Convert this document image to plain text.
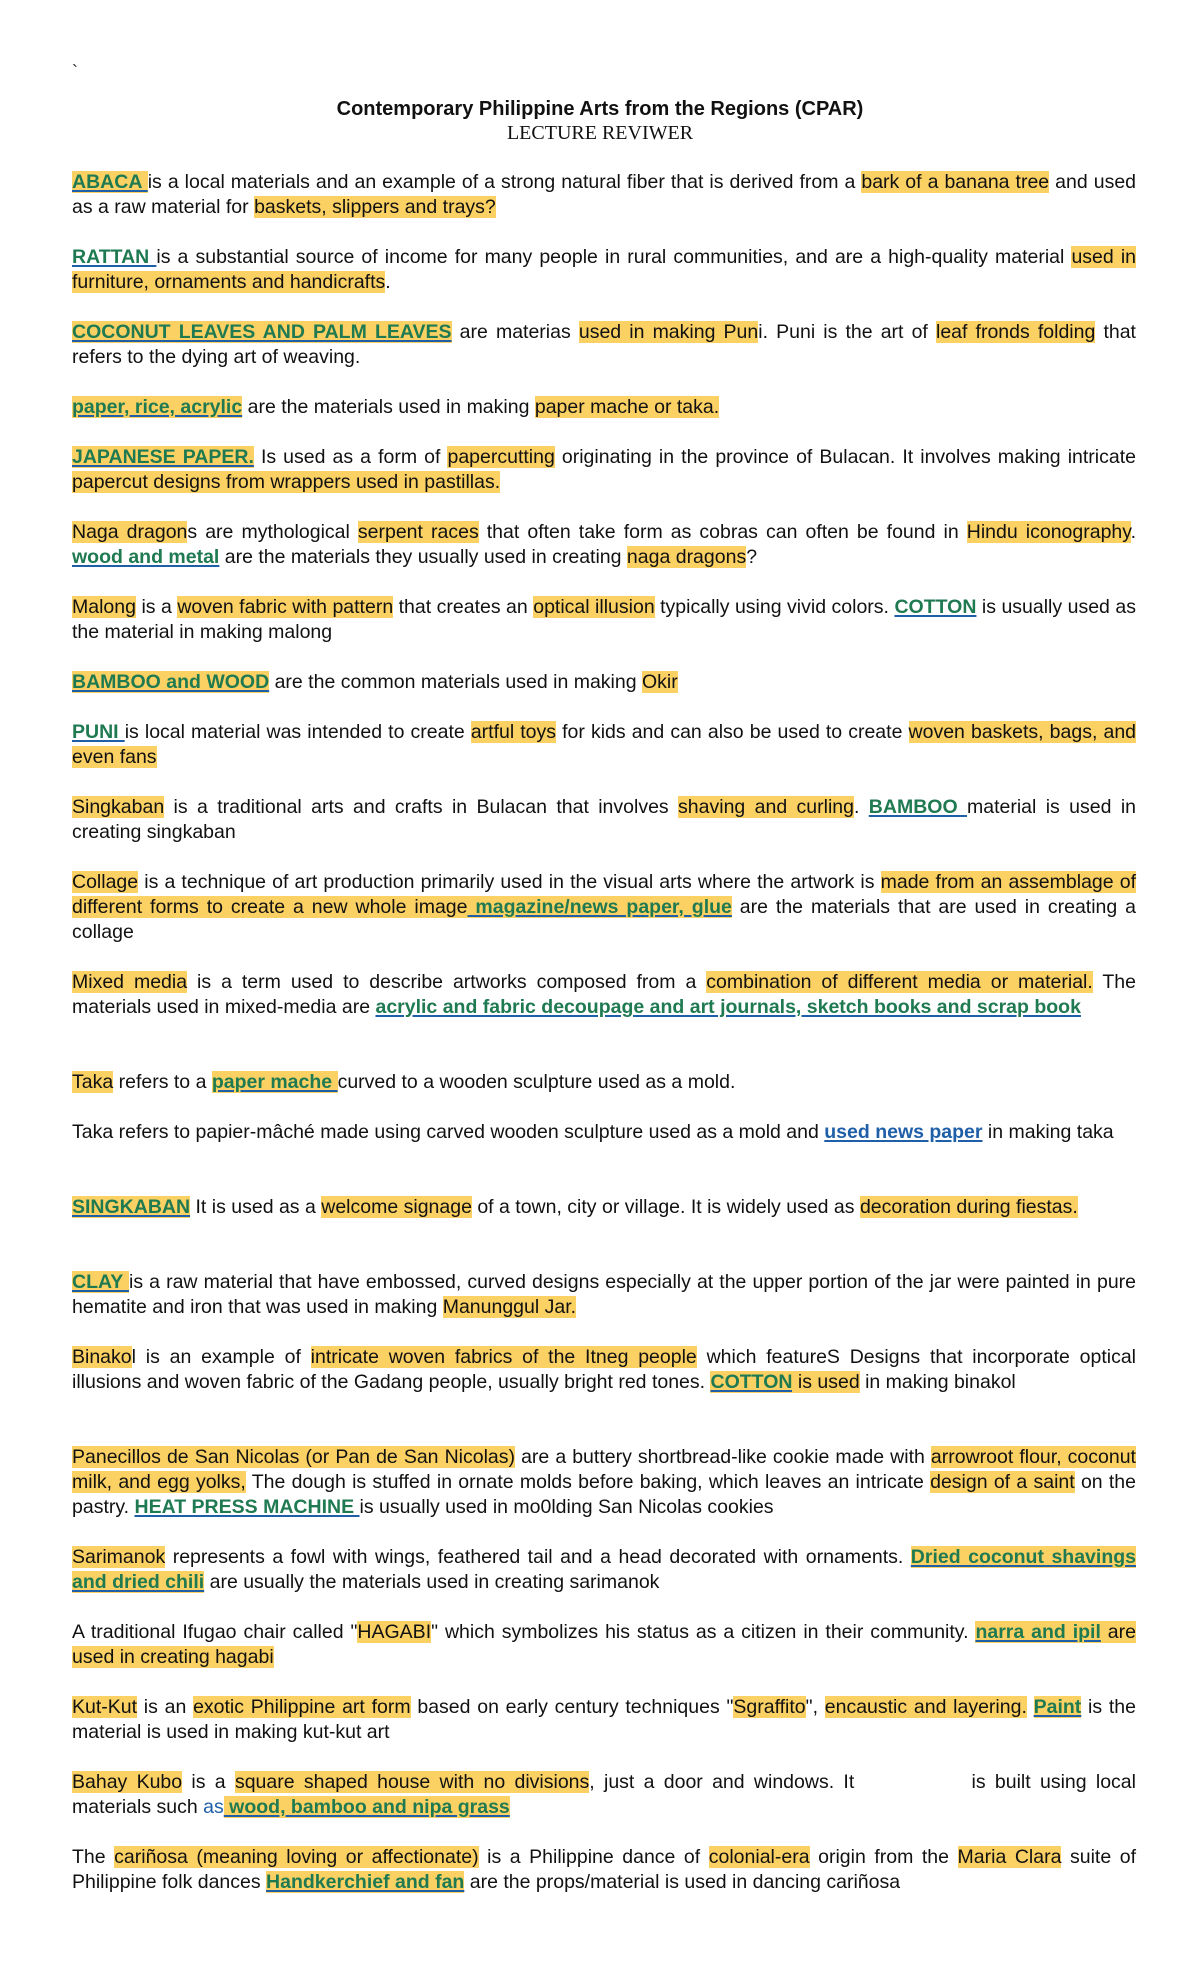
`
Contemporary Philippine Arts from the Regions (CPAR)
LECTURE REVIWER
ABACA is a local materials and an example of a strong natural fiber that is derived from a bark of a banana tree and used as a raw material for baskets, slippers and trays?
RATTAN is a substantial source of income for many people in rural communities, and are a high-quality material used in furniture, ornaments and handicrafts.
COCONUT LEAVES AND PALM LEAVES are materias used in making Puni. Puni is the art of leaf fronds folding that refers to the dying art of weaving.
paper, rice, acrylic are the materials used in making paper mache or taka.
JAPANESE PAPER. Is used as a form of papercutting originating in the province of Bulacan. It involves making intricate papercut designs from wrappers used in pastillas.
Naga dragons are mythological serpent races that often take form as cobras can often be found in Hindu iconography. wood and metal are the materials they usually used in creating naga dragons?
Malong is a woven fabric with pattern that creates an optical illusion typically using vivid colors. COTTON is usually used as the material in making malong
BAMBOO and WOOD are the common materials used in making Okir
PUNI is local material was intended to create artful toys for kids and can also be used to create woven baskets, bags, and even fans
Singkaban is a traditional arts and crafts in Bulacan that involves shaving and curling. BAMBOO material is used in creating singkaban
Collage is a technique of art production primarily used in the visual arts where the artwork is made from an assemblage of different forms to create a new whole image magazine/news paper, glue are the materials that are used in creating a collage
Mixed media is a term used to describe artworks composed from a combination of different media or material. The materials used in mixed-media are acrylic and fabric decoupage and art journals, sketch books and scrap book
Taka refers to a paper mache curved to a wooden sculpture used as a mold.
Taka refers to papier-mâché made using carved wooden sculpture used as a mold and used news paper in making taka
SINGKABAN It is used as a welcome signage of a town, city or village. It is widely used as decoration during fiestas.
CLAY is a raw material that have embossed, curved designs especially at the upper portion of the jar were painted in pure hematite and iron that was used in making Manunggul Jar.
Binakol is an example of intricate woven fabrics of the Itneg people which featureS Designs that incorporate optical illusions and woven fabric of the Gadang people, usually bright red tones. COTTON is used in making binakol
Panecillos de San Nicolas (or Pan de San Nicolas) are a buttery shortbread-like cookie made with arrowroot flour, coconut milk, and egg yolks, The dough is stuffed in ornate molds before baking, which leaves an intricate design of a saint on the pastry. HEAT PRESS MACHINE is usually used in mo0lding San Nicolas cookies
Sarimanok represents a fowl with wings, feathered tail and a head decorated with ornaments. Dried coconut shavings and dried chili are usually the materials used in creating sarimanok
A traditional Ifugao chair called "HAGABI" which symbolizes his status as a citizen in their community. narra and ipil are used in creating hagabi
Kut-Kut is an exotic Philippine art form based on early century techniques "Sgraffito", encaustic and layering. Paint is the material is used in making kut-kut art
Bahay Kubo is a square shaped house with no divisions, just a door and windows. It	is built using local materials such as wood, bamboo and nipa grass
The cariñosa (meaning loving or affectionate) is a Philippine dance of colonial-era origin from the Maria Clara suite of Philippine folk dances Handkerchief and fan are the props/material is used in dancing cariñosa
